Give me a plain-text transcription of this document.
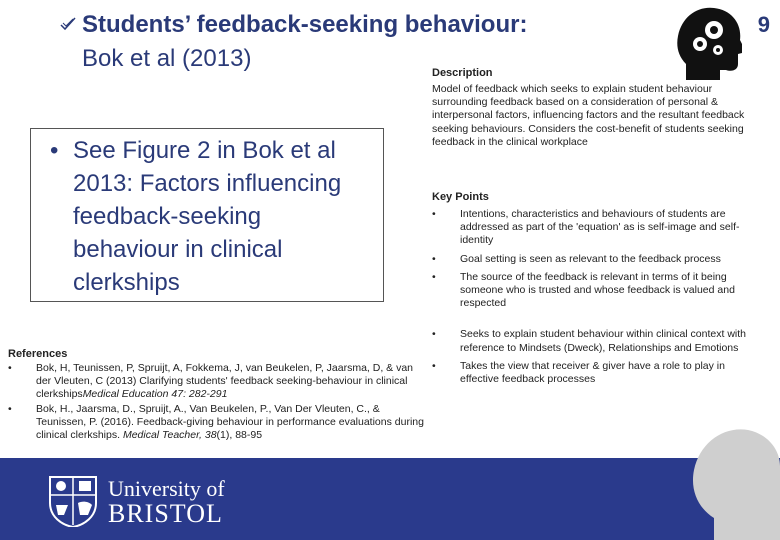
Students’ feedback-seeking behaviour:
Bok et al (2013)
9
• See Figure 2 in Bok et al 2013: Factors influencing feedback-seeking behaviour in clinical clerkships
Description
Model of feedback which seeks to explain student behaviour surrounding feedback based on a consideration of personal & interpersonal factors, influencing factors and the resultant feedback seeking behaviours. Considers the cost-benefit of students seeking feedback in the clinical workplace
Key Points
• Intentions, characteristics and behaviours of students are addressed as part of the 'equation' as is self-image and self-identity
• Goal setting is seen as relevant to the feedback process
• The source of the feedback is relevant in terms of it being someone who is trusted and whose feedback is valued and respected
• Seeks to explain student behaviour within clinical context with reference to Mindsets (Dweck), Relationships and Emotions
• Takes the view that receiver & giver have a role to play in effective feedback processes
References
• Bok, H, Teunissen, P, Spruijt, A, Fokkema, J, van Beukelen, P, Jaarsma, D, & van der Vleuten, C (2013) Clarifying students' feedback seeking-behaviour in clinical clerkshipsMedical Education 47: 282-291
• Bok, H., Jaarsma, D., Spruijt, A., Van Beukelen, P., Van Der Vleuten, C., & Teunissen, P. (2016). Feedback-giving behaviour in performance evaluations during clinical clerkships. Medical Teacher, 38(1), 88-95
University of
BRISTOL
